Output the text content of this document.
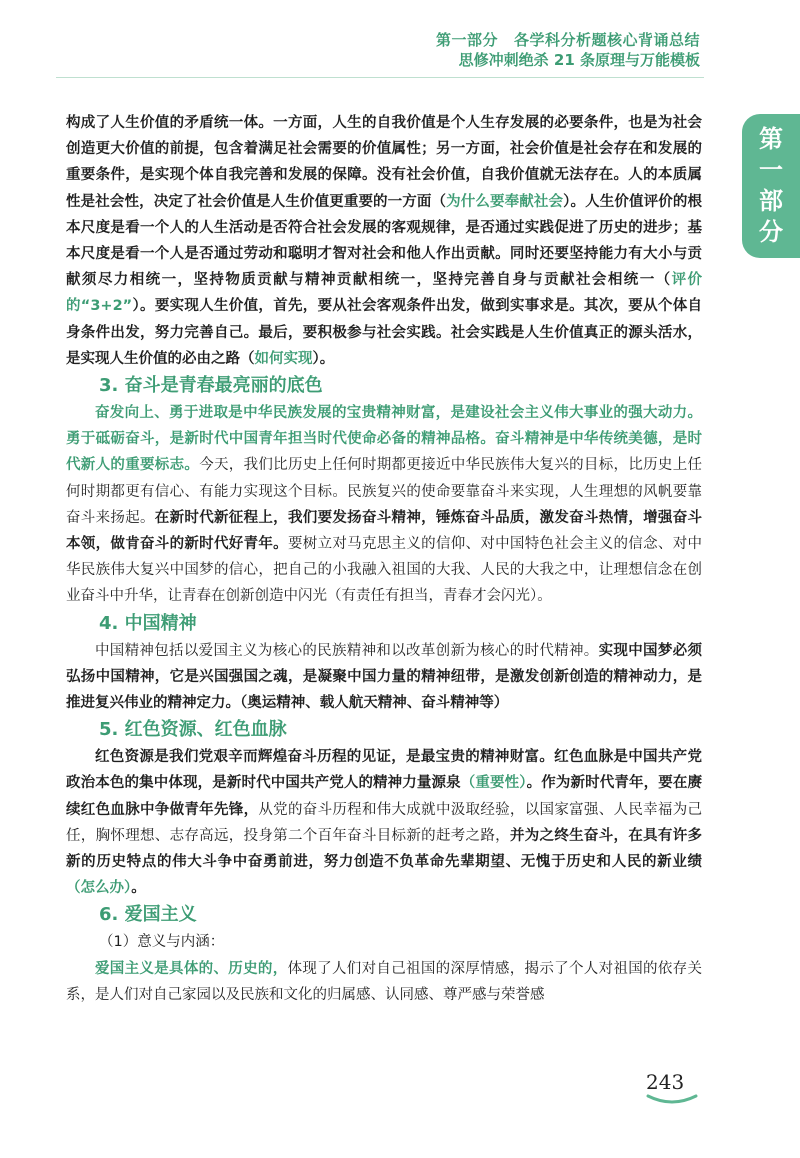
第一部分 各学科分析题核心背诵总结
思修冲刺绝杀 21 条原理与万能模板
第
一
部
分

构成了人生价值的矛盾统一体。一方面，人生的自我价值是个人生存发展的必要条件，也是为社会创造更大价值的前提，包含着满足社会需要的价值属性；另一方面，社会价值是社会存在和发展的重要条件，是实现个体自我完善和发展的保障。没有社会价值，自我价值就无法存在。人的本质属性是社会性，决定了社会价值是人生价值更重要的一方面（为什么要奉献社会）。人生价值评价的根本尺度是看一个人的人生活动是否符合社会发展的客观规律，是否通过实践促进了历史的进步；基本尺度是看一个人是否通过劳动和聪明才智对社会和他人作出贡献。同时还要坚持能力有大小与贡献须尽力相统一，坚持物质贡献与精神贡献相统一，坚持完善自身与贡献社会相统一（评价的“3+2”）。要实现人生价值，首先，要从社会客观条件出发，做到实事求是。其次，要从个体自身条件出发，努力完善自己。最后，要积极参与社会实践。社会实践是人生价值真正的源头活水，是实现人生价值的必由之路（如何实现）。

3. 奋斗是青春最亮丽的底色

奋发向上、勇于进取是中华民族发展的宝贵精神财富，是建设社会主义伟大事业的强大动力。勇于砥砺奋斗，是新时代中国青年担当时代使命必备的精神品格。奋斗精神是中华传统美德，是时代新人的重要标志。今天，我们比历史上任何时期都更接近中华民族伟大复兴的目标，比历史上任何时期都更有信心、有能力实现这个目标。民族复兴的使命要靠奋斗来实现，人生理想的风帆要靠奋斗来扬起。在新时代新征程上，我们要发扬奋斗精神，锤炼奋斗品质，激发奋斗热情，增强奋斗本领，做肯奋斗的新时代好青年。要树立对马克思主义的信仰、对中国特色社会主义的信念、对中华民族伟大复兴中国梦的信心，把自己的小我融入祖国的大我、人民的大我之中，让理想信念在创业奋斗中升华，让青春在创新创造中闪光（有责任有担当，青春才会闪光）。

4. 中国精神

中国精神包括以爱国主义为核心的民族精神和以改革创新为核心的时代精神。实现中国梦必须弘扬中国精神，它是兴国强国之魂，是凝聚中国力量的精神纽带，是激发创新创造的精神动力，是推进复兴伟业的精神定力。（奥运精神、载人航天精神、奋斗精神等）

5. 红色资源、红色血脉

红色资源是我们党艰辛而辉煌奋斗历程的见证，是最宝贵的精神财富。红色血脉是中国共产党政治本色的集中体现，是新时代中国共产党人的精神力量源泉（重要性）。作为新时代青年，要在赓续红色血脉中争做青年先锋，从党的奋斗历程和伟大成就中汲取经验，以国家富强、人民幸福为己任，胸怀理想、志存高远，投身第二个百年奋斗目标新的赶考之路，并为之终生奋斗，在具有许多新的历史特点的伟大斗争中奋勇前进，努力创造不负革命先辈期望、无愧于历史和人民的新业绩（怎么办）。

6. 爱国主义

（1）意义与内涵：

爱国主义是具体的、历史的，体现了人们对自己祖国的深厚情感，揭示了个人对祖国的依存关系，是人们对自己家园以及民族和文化的归属感、认同感、尊严感与荣誉感

243
